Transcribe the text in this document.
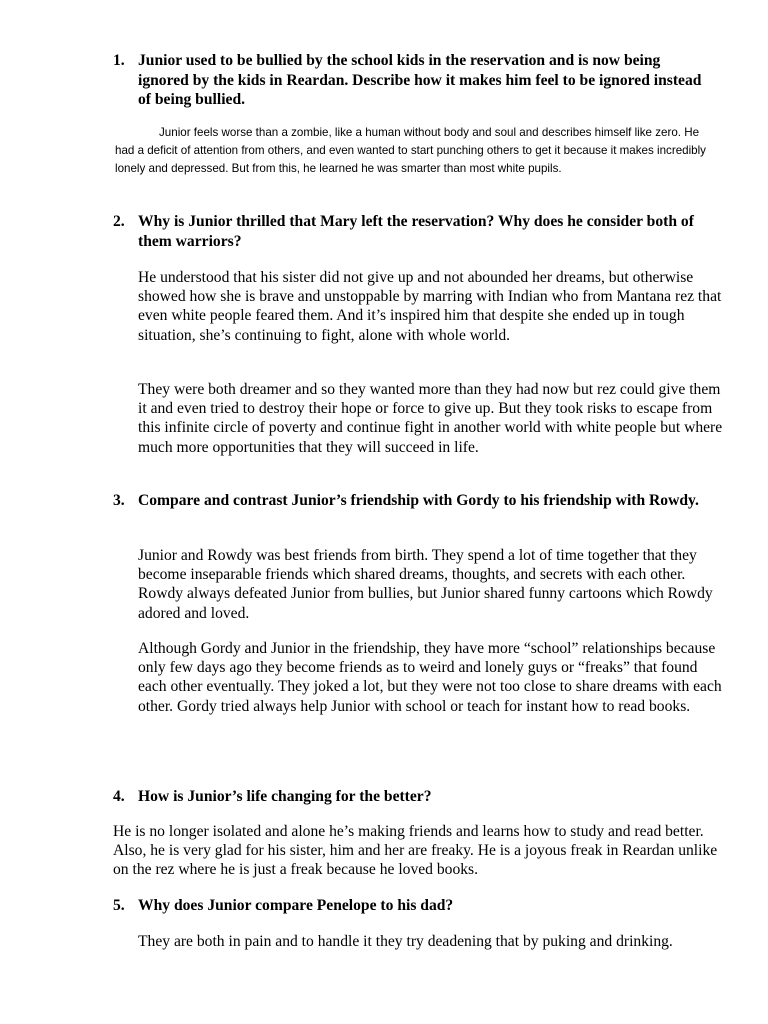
1. Junior used to be bullied by the school kids in the reservation and is now being ignored by the kids in Reardan. Describe how it makes him feel to be ignored instead of being bullied.
Junior feels worse than a zombie, like a human without body and soul and describes himself like zero. He had a deficit of attention from others, and even wanted to start punching others to get it because it makes incredibly lonely and depressed. But from this, he learned he was smarter than most white pupils.
2. Why is Junior thrilled that Mary left the reservation? Why does he consider both of them warriors?
He understood that his sister did not give up and not abounded her dreams, but otherwise showed how she is brave and unstoppable by marring with Indian who from Mantana rez that even white people feared them. And it’s inspired him that despite she ended up in tough situation, she’s continuing to fight, alone with whole world.
They were both dreamer and so they wanted more than they had now but rez could give them it and even tried to destroy their hope or force to give up. But they took risks to escape from this infinite circle of poverty and continue fight in another world with white people but where much more opportunities that they will succeed in life.
3. Compare and contrast Junior’s friendship with Gordy to his friendship with Rowdy.
Junior and Rowdy was best friends from birth. They spend a lot of time together that they become inseparable friends which shared dreams, thoughts, and secrets with each other. Rowdy always defeated Junior from bullies, but Junior shared funny cartoons which Rowdy adored and loved.
Although Gordy and Junior in the friendship, they have more “school” relationships because only few days ago they become friends as to weird and lonely guys or “freaks” that found each other eventually. They joked a lot, but they were not too close to share dreams with each other. Gordy tried always help Junior with school or teach for instant how to read books.
4. How is Junior’s life changing for the better?
He is no longer isolated and alone he’s making friends and learns how to study and read better. Also, he is very glad for his sister, him and her are freaky. He is a joyous freak in Reardan unlike on the rez where he is just a freak because he loved books.
5. Why does Junior compare Penelope to his dad?
They are both in pain and to handle it they try deadening that by puking and drinking.
